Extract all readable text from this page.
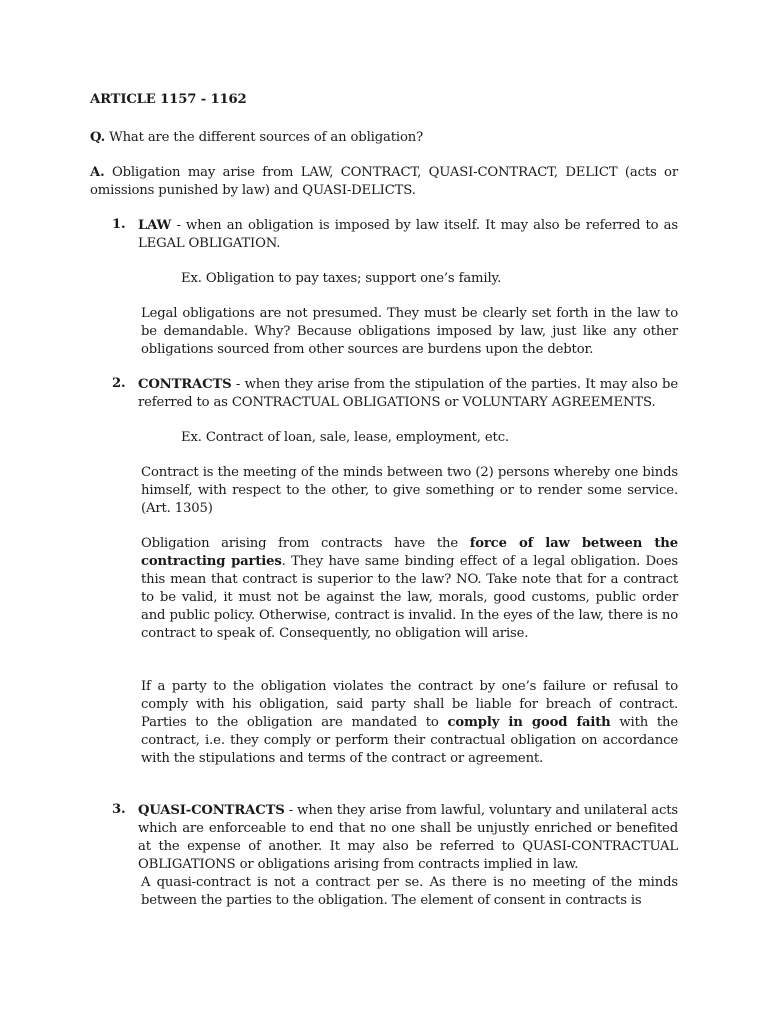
ARTICLE 1157 - 1162

Q. What are the different sources of an obligation?

A. Obligation may arise from LAW, CONTRACT, QUASI-CONTRACT, DELICT (acts or omissions punished by law) and QUASI-DELICTS.

1. LAW - when an obligation is imposed by law itself. It may also be referred to as LEGAL OBLIGATION.

Ex. Obligation to pay taxes; support one’s family.

Legal obligations are not presumed. They must be clearly set forth in the law to be demandable. Why? Because obligations imposed by law, just like any other obligations sourced from other sources are burdens upon the debtor.

2. CONTRACTS - when they arise from the stipulation of the parties. It may also be referred to as CONTRACTUAL OBLIGATIONS or VOLUNTARY AGREEMENTS.

Ex. Contract of loan, sale, lease, employment, etc.

Contract is the meeting of the minds between two (2) persons whereby one binds himself, with respect to the other, to give something or to render some service.(Art. 1305)

Obligation arising from contracts have the force of law between the contracting parties. They have same binding effect of a legal obligation. Does this mean that contract is superior to the law? NO. Take note that for a contract to be valid, it must not be against the law, morals, good customs, public order and public policy. Otherwise, contract is invalid. In the eyes of the law, there is no contract to speak of. Consequently, no obligation will arise.

If a party to the obligation violates the contract by one’s failure or refusal to comply with his obligation, said party shall be liable for breach of contract. Parties to the obligation are mandated to comply in good faith with the contract, i.e. they comply or perform their contractual obligation on accordance with the stipulations and terms of the contract or agreement.

3. QUASI-CONTRACTS - when they arise from lawful, voluntary and unilateral acts which are enforceable to end that no one shall be unjustly enriched or benefited at the expense of another. It may also be referred to QUASI-CONTRACTUAL OBLIGATIONS or obligations arising from contracts implied in law.

A quasi-contract is not a contract per se. As there is no meeting of the minds between the parties to the obligation. The element of consent in contracts is
